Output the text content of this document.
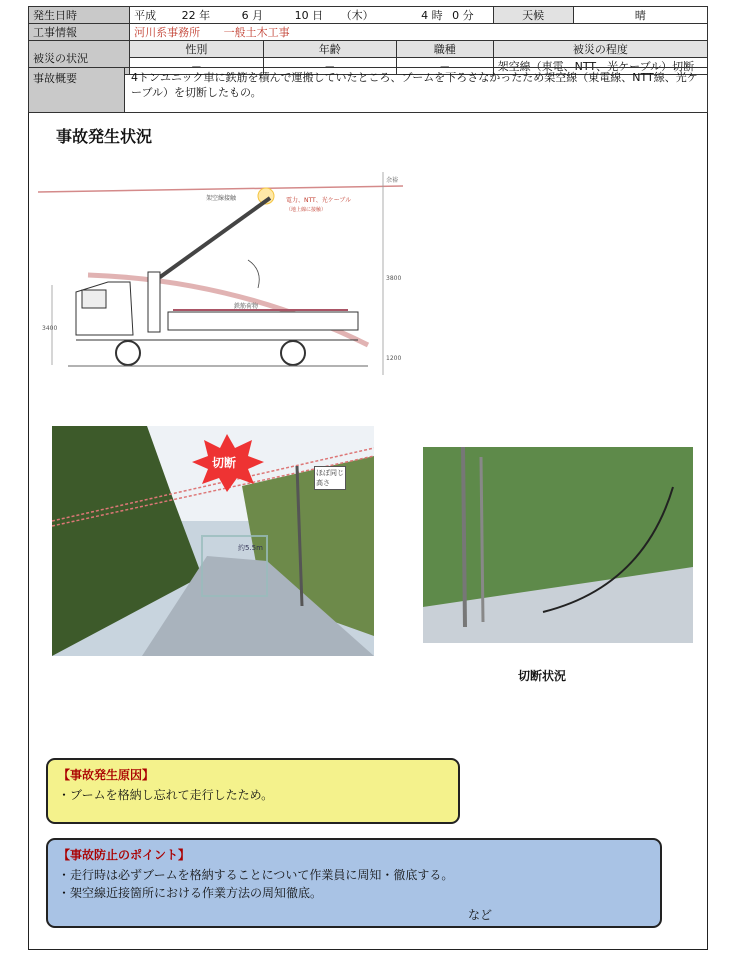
発生日時	平成 22 年 6 月 10 日 （木） 4 時 0 分			天候	晴
工事情報	河川系事務所 一般土木工事				
被災の状況	性別	年齢	職種	被災の程度	
	－	－	－	架空線（東電、NTT、光ケーブル）切断	
事故概要	4トンユニック車に鉄筋を積んで運搬していたところ、ブームを下ろさなかったため架空線（東電線、NTT線、光ケーブル）を切断したもの。
事故発生状況
余裕
3800
1200
3400
架空線接触	電力、NTT、光ケーブル
（地上線に接触）
鉄筋荷物
切断
ほぼ同じ
高さ
約5.5m
切断状況
【事故発生原因】
・ブームを格納し忘れて走行したため。
【事故防止のポイント】
・走行時は必ずブームを格納することについて作業員に周知・徹底する。
・架空線近接箇所における作業方法の周知徹底。
など
